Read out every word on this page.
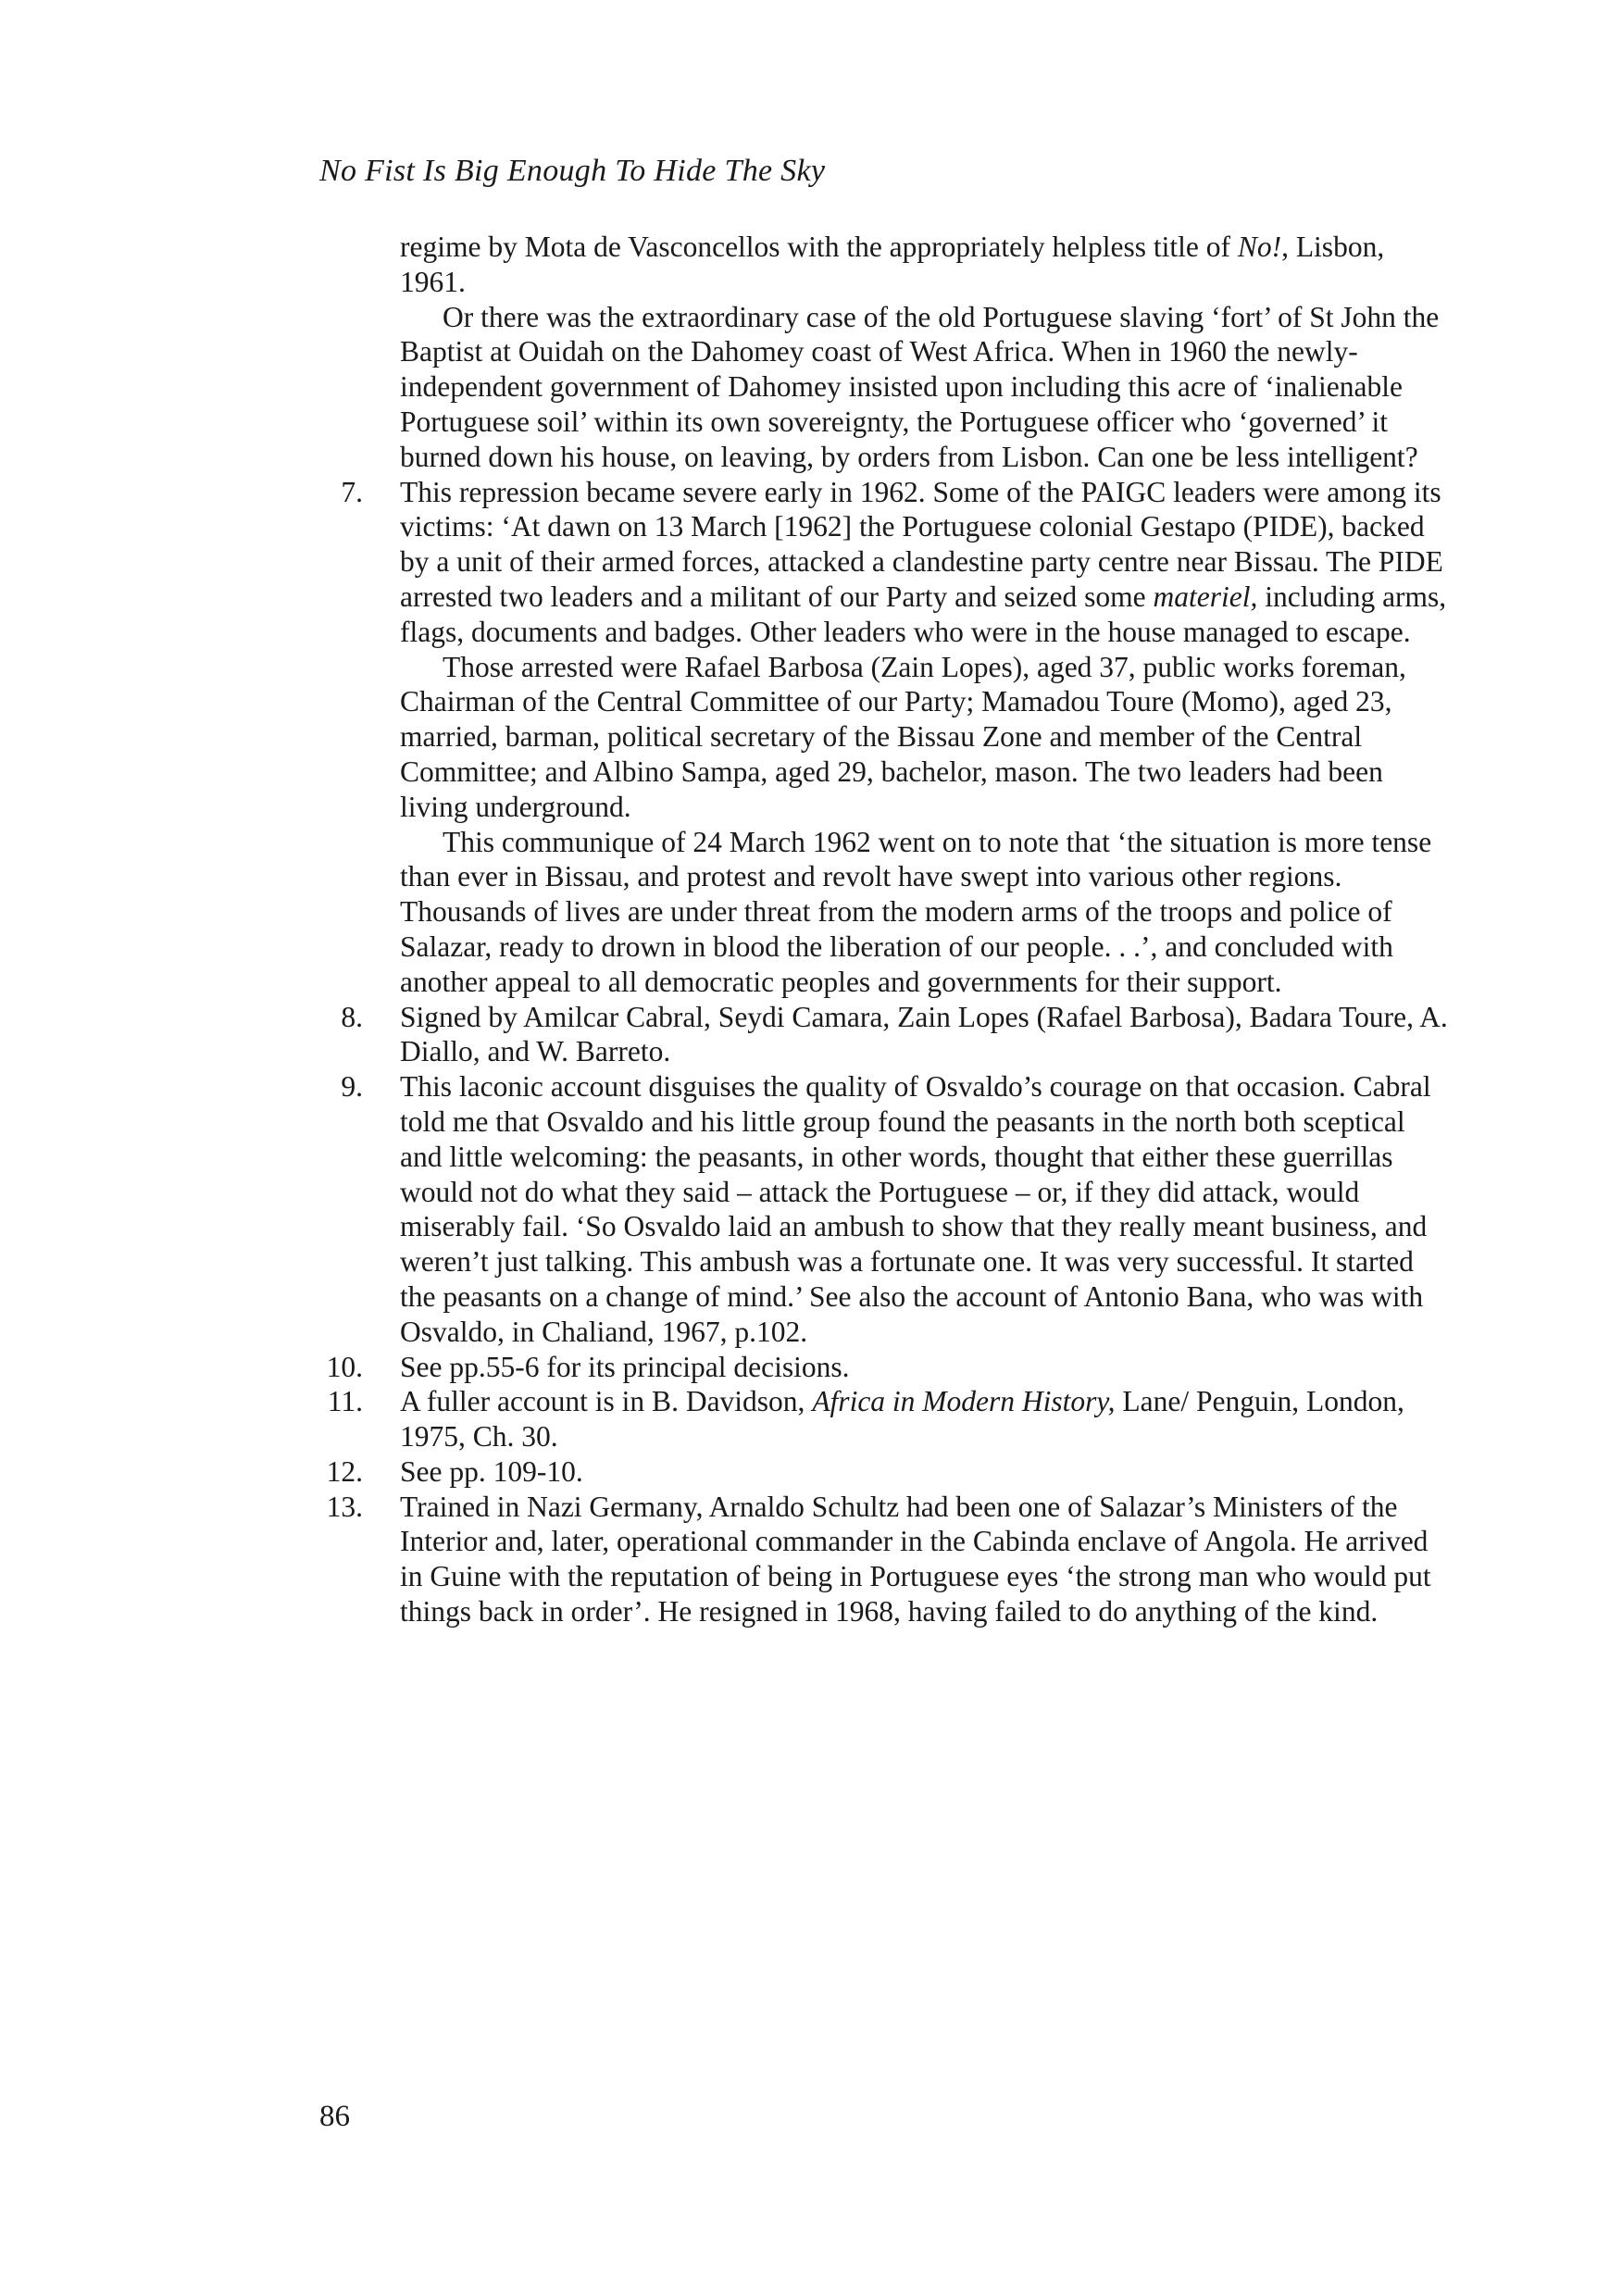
No Fist Is Big Enough To Hide The Sky

regime by Mota de Vasconcellos with the appropriately helpless title of No!, Lisbon, 1961.

Or there was the extraordinary case of the old Portuguese slaving ‘fort’ of St John the Baptist at Ouidah on the Dahomey coast of West Africa. When in 1960 the newly-independent government of Dahomey insisted upon including this acre of ‘inalienable Portuguese soil’ within its own sovereignty, the Portuguese officer who ‘governed’ it burned down his house, on leaving, by orders from Lisbon. Can one be less intelligent?

7. This repression became severe early in 1962. Some of the PAIGC leaders were among its victims: ‘At dawn on 13 March [1962] the Portuguese colonial Gestapo (PIDE), backed by a unit of their armed forces, attacked a clandestine party centre near Bissau. The PIDE arrested two leaders and a militant of our Party and seized some materiel, including arms, flags, documents and badges. Other leaders who were in the house managed to escape.

Those arrested were Rafael Barbosa (Zain Lopes), aged 37, public works foreman, Chairman of the Central Committee of our Party; Mamadou Toure (Momo), aged 23, married, barman, political secretary of the Bissau Zone and member of the Central Committee; and Albino Sampa, aged 29, bachelor, mason. The two leaders had been living underground.

This communique of 24 March 1962 went on to note that ‘the situation is more tense than ever in Bissau, and protest and revolt have swept into various other regions. Thousands of lives are under threat from the modern arms of the troops and police of Salazar, ready to drown in blood the liberation of our people. . .’, and concluded with another appeal to all democratic peoples and governments for their support.

8. Signed by Amilcar Cabral, Seydi Camara, Zain Lopes (Rafael Barbosa), Badara Toure, A. Diallo, and W. Barreto.

9. This laconic account disguises the quality of Osvaldo’s courage on that occasion. Cabral told me that Osvaldo and his little group found the peasants in the north both sceptical and little welcoming: the peasants, in other words, thought that either these guerrillas would not do what they said – attack the Portuguese – or, if they did attack, would miserably fail. ‘So Osvaldo laid an ambush to show that they really meant business, and weren’t just talking. This ambush was a fortunate one. It was very successful. It started the peasants on a change of mind.’ See also the account of Antonio Bana, who was with Osvaldo, in Chaliand, 1967, p.102.

10. See pp.55-6 for its principal decisions.

11. A fuller account is in B. Davidson, Africa in Modern History, Lane/ Penguin, London, 1975, Ch. 30.

12. See pp. 109-10.

13. Trained in Nazi Germany, Arnaldo Schultz had been one of Salazar’s Ministers of the Interior and, later, operational commander in the Cabinda enclave of Angola. He arrived in Guine with the reputation of being in Portuguese eyes ‘the strong man who would put things back in order’. He resigned in 1968, having failed to do anything of the kind.

86
